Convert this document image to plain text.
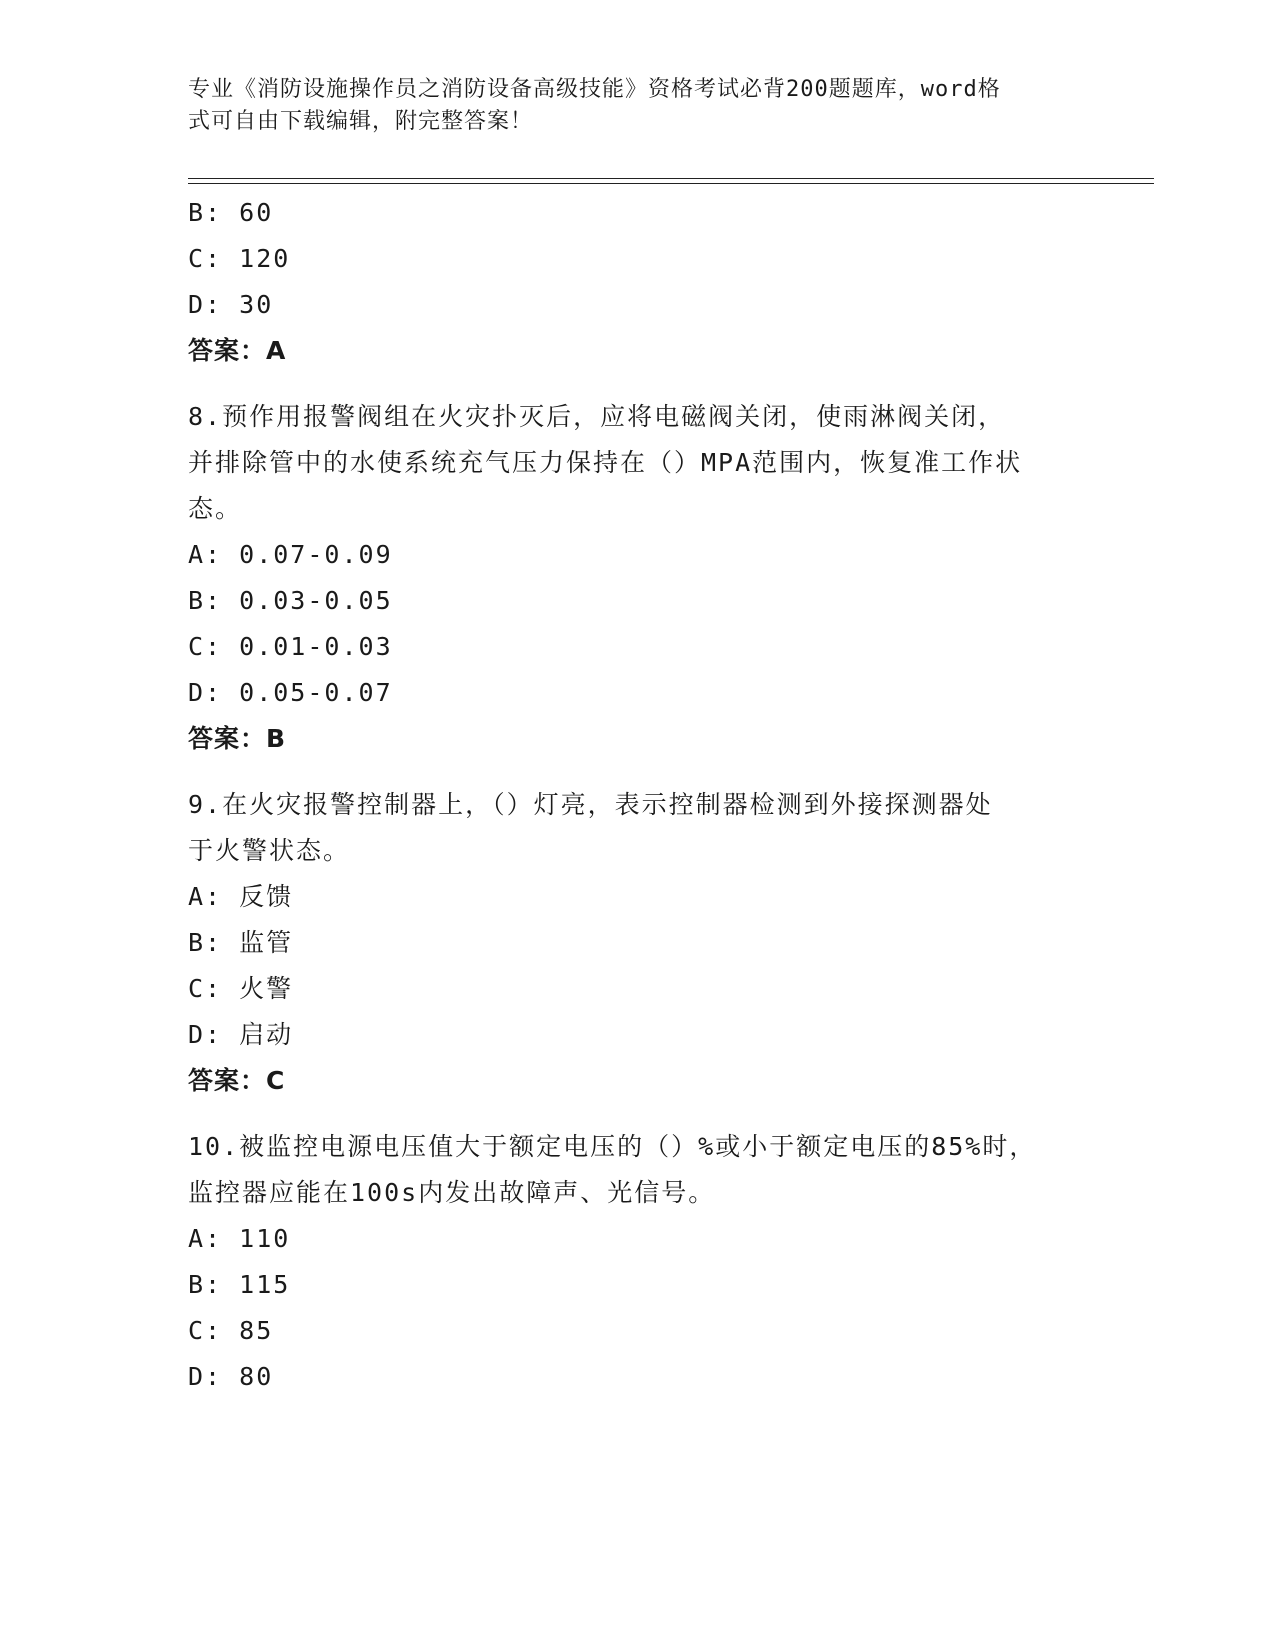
专业《消防设施操作员之消防设备高级技能》资格考试必背200题题库，word格
式可自由下载编辑，附完整答案！
B: 60
C: 120
D: 30
答案：A
8.预作用报警阀组在火灾扑灭后，应将电磁阀关闭，使雨淋阀关闭，
并排除管中的水使系统充气压力保持在（）MPA范围内，恢复准工作状
态。
A: 0.07-0.09
B: 0.03-0.05
C: 0.01-0.03
D: 0.05-0.07
答案：B
9.在火灾报警控制器上，（）灯亮，表示控制器检测到外接探测器处
于火警状态。
A: 反馈
B: 监管
C: 火警
D: 启动
答案：C
10.被监控电源电压值大于额定电压的（）%或小于额定电压的85%时，
监控器应能在100s内发出故障声、光信号。
A: 110
B: 115
C: 85
D: 80
